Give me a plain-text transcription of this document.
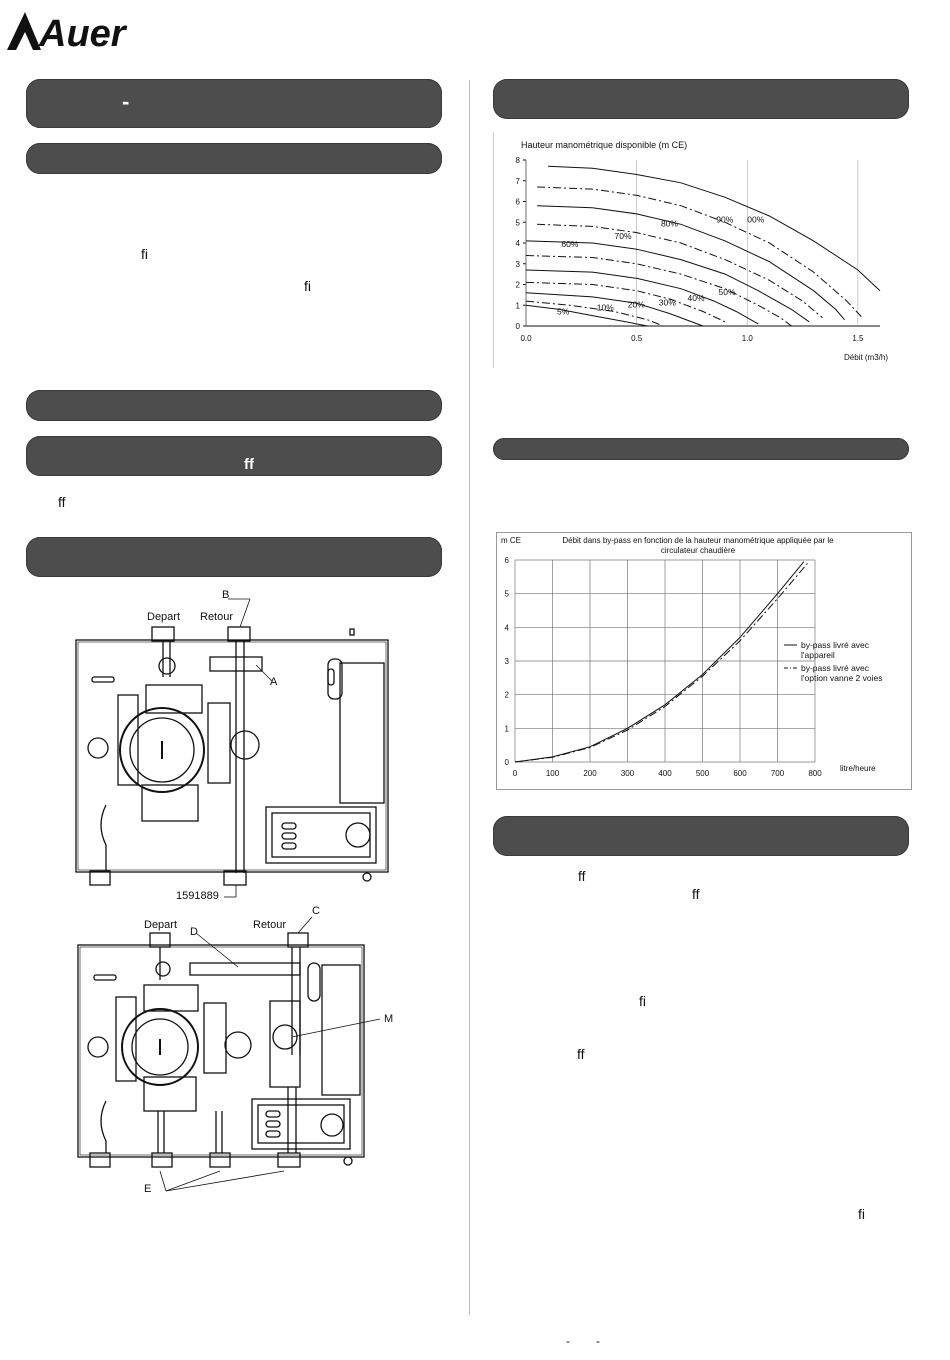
Auer
-
fi
fi
ff
ff
B
Depart Retour
A
1591889
Depart	Retour
C
D
M
E
Hauteur manométrique disponible (m CE)
0
1
2
3
4
5
6
7
8
0.0	0.5	1.0	1.5
Débit (m3/h)
00%
90%
80%
70%
60%
50%
40%
30%
20%
10%
5%
m CE	Débit dans by-pass en fonction de la hauteur manométrique appliquée par le circulateur chaudière
0
1
2
3
4
5
6
0	100	200	300	400	500	600	700	800
litre/heure
by-pass livré avec l'appareil
by-pass livré avec l'option vanne 2 voies
ff
ff
fi
ff
fi
- -
